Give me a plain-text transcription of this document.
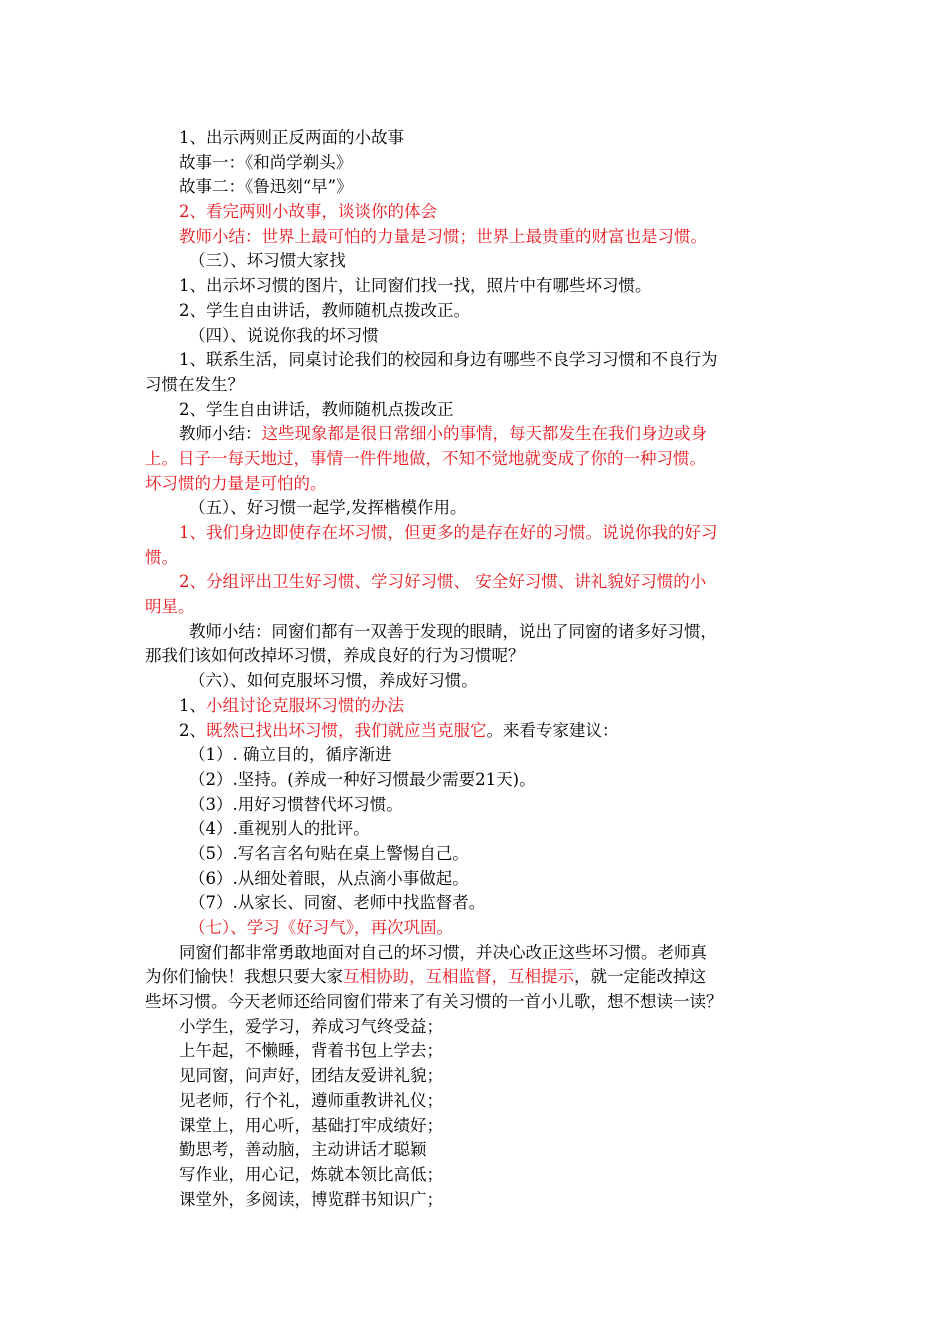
1、出示两则正反两面的小故事
故事一：《和尚学剃头》
故事二：《鲁迅刻“早”》
2、看完两则小故事，谈谈你的体会
教师小结：世界上最可怕的力量是习惯；世界上最贵重的财富也是习惯。
（三）、坏习惯大家找
1、出示坏习惯的图片，让同窗们找一找，照片中有哪些坏习惯。
2、学生自由讲话，教师随机点拨改正。
（四）、说说你我的坏习惯
1、联系生活，同桌讨论我们的校园和身边有哪些不良学习习惯和不良行为
习惯在发生？
2、学生自由讲话，教师随机点拨改正
教师小结：这些现象都是很日常细小的事情，每天都发生在我们身边或身
上。日子一每天地过，事情一件件地做，不知不觉地就变成了你的一种习惯。
坏习惯的力量是可怕的。
（五）、好习惯一起学,发挥楷模作用。
1、我们身边即使存在坏习惯，但更多的是存在好的习惯。说说你我的好习
惯。
2、分组评出卫生好习惯、学习好习惯、 安全好习惯、讲礼貌好习惯的小
明星。
教师小结：同窗们都有一双善于发现的眼睛，说出了同窗的诸多好习惯，
那我们该如何改掉坏习惯，养成良好的行为习惯呢？
（六）、如何克服坏习惯，养成好习惯。
1、小组讨论克服坏习惯的办法
2、既然已找出坏习惯，我们就应当克服它。来看专家建议：
（1）. 确立目的，循序渐进
（2）.坚持。(养成一种好习惯最少需要21天)。
（3）.用好习惯替代坏习惯。
（4）.重视别人的批评。
（5）.写名言名句贴在桌上警惕自己。
（6）.从细处着眼，从点滴小事做起。
（7）.从家长、同窗、老师中找监督者。
（七）、学习《好习气》，再次巩固。
同窗们都非常勇敢地面对自己的坏习惯，并决心改正这些坏习惯。老师真
为你们愉快！我想只要大家互相协助，互相监督，互相提示，就一定能改掉这
些坏习惯。今天老师还给同窗们带来了有关习惯的一首小儿歌，想不想读一读？
小学生，爱学习，养成习气终受益；
上午起，不懒睡，背着书包上学去；
见同窗，问声好，团结友爱讲礼貌；
见老师，行个礼，遵师重教讲礼仪；
课堂上，用心听，基础打牢成绩好；
勤思考，善动脑，主动讲话才聪颖
写作业，用心记，炼就本领比高低；
课堂外，多阅读，博览群书知识广；
